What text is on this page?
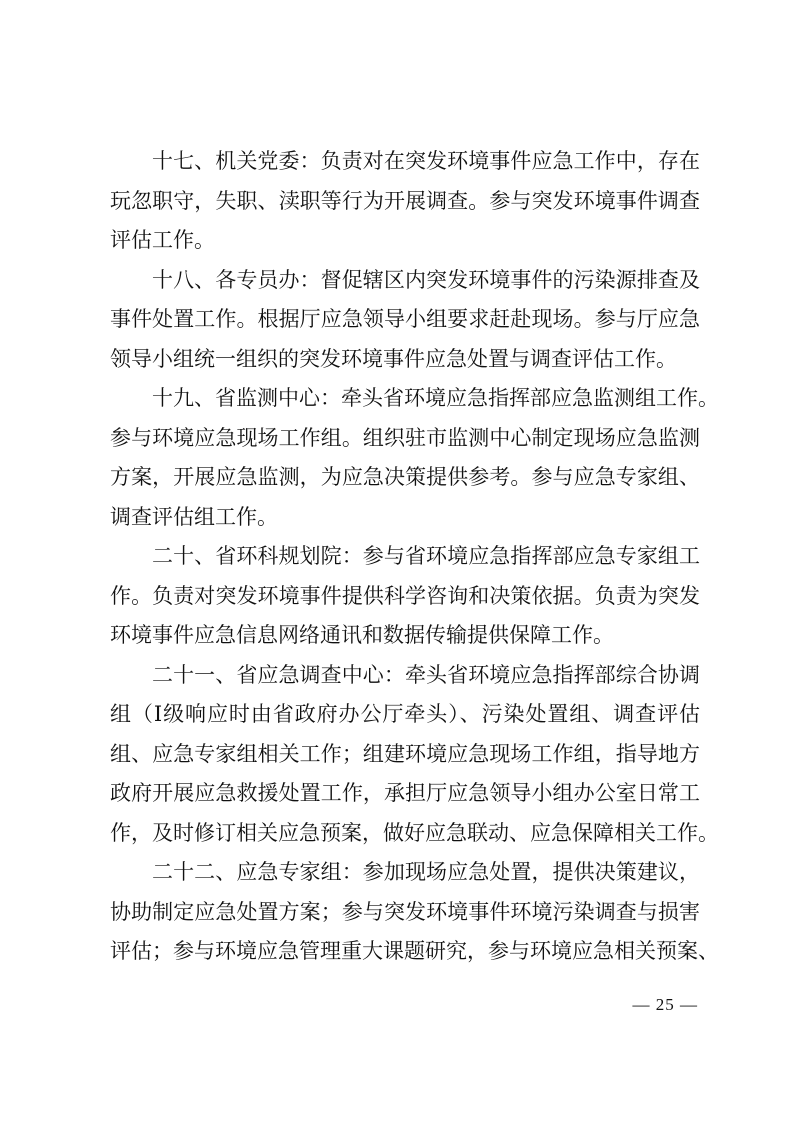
十七、机关党委：负责对在突发环境事件应急工作中，存在
玩忽职守，失职、渎职等行为开展调查。参与突发环境事件调查
评估工作。

十八、各专员办：督促辖区内突发环境事件的污染源排查及
事件处置工作。根据厅应急领导小组要求赶赴现场。参与厅应急
领导小组统一组织的突发环境事件应急处置与调查评估工作。

十九、省监测中心：牵头省环境应急指挥部应急监测组工作。
参与环境应急现场工作组。组织驻市监测中心制定现场应急监测
方案，开展应急监测，为应急决策提供参考。参与应急专家组、
调查评估组工作。

二十、省环科规划院：参与省环境应急指挥部应急专家组工
作。负责对突发环境事件提供科学咨询和决策依据。负责为突发
环境事件应急信息网络通讯和数据传输提供保障工作。

二十一、省应急调查中心：牵头省环境应急指挥部综合协调
组（Ⅰ级响应时由省政府办公厅牵头）、污染处置组、调查评估
组、应急专家组相关工作；组建环境应急现场工作组，指导地方
政府开展应急救援处置工作，承担厅应急领导小组办公室日常工
作，及时修订相关应急预案，做好应急联动、应急保障相关工作。

二十二、应急专家组：参加现场应急处置，提供决策建议，
协助制定应急处置方案；参与突发环境事件环境污染调查与损害
评估；参与环境应急管理重大课题研究，参与环境应急相关预案、

— 25 —
